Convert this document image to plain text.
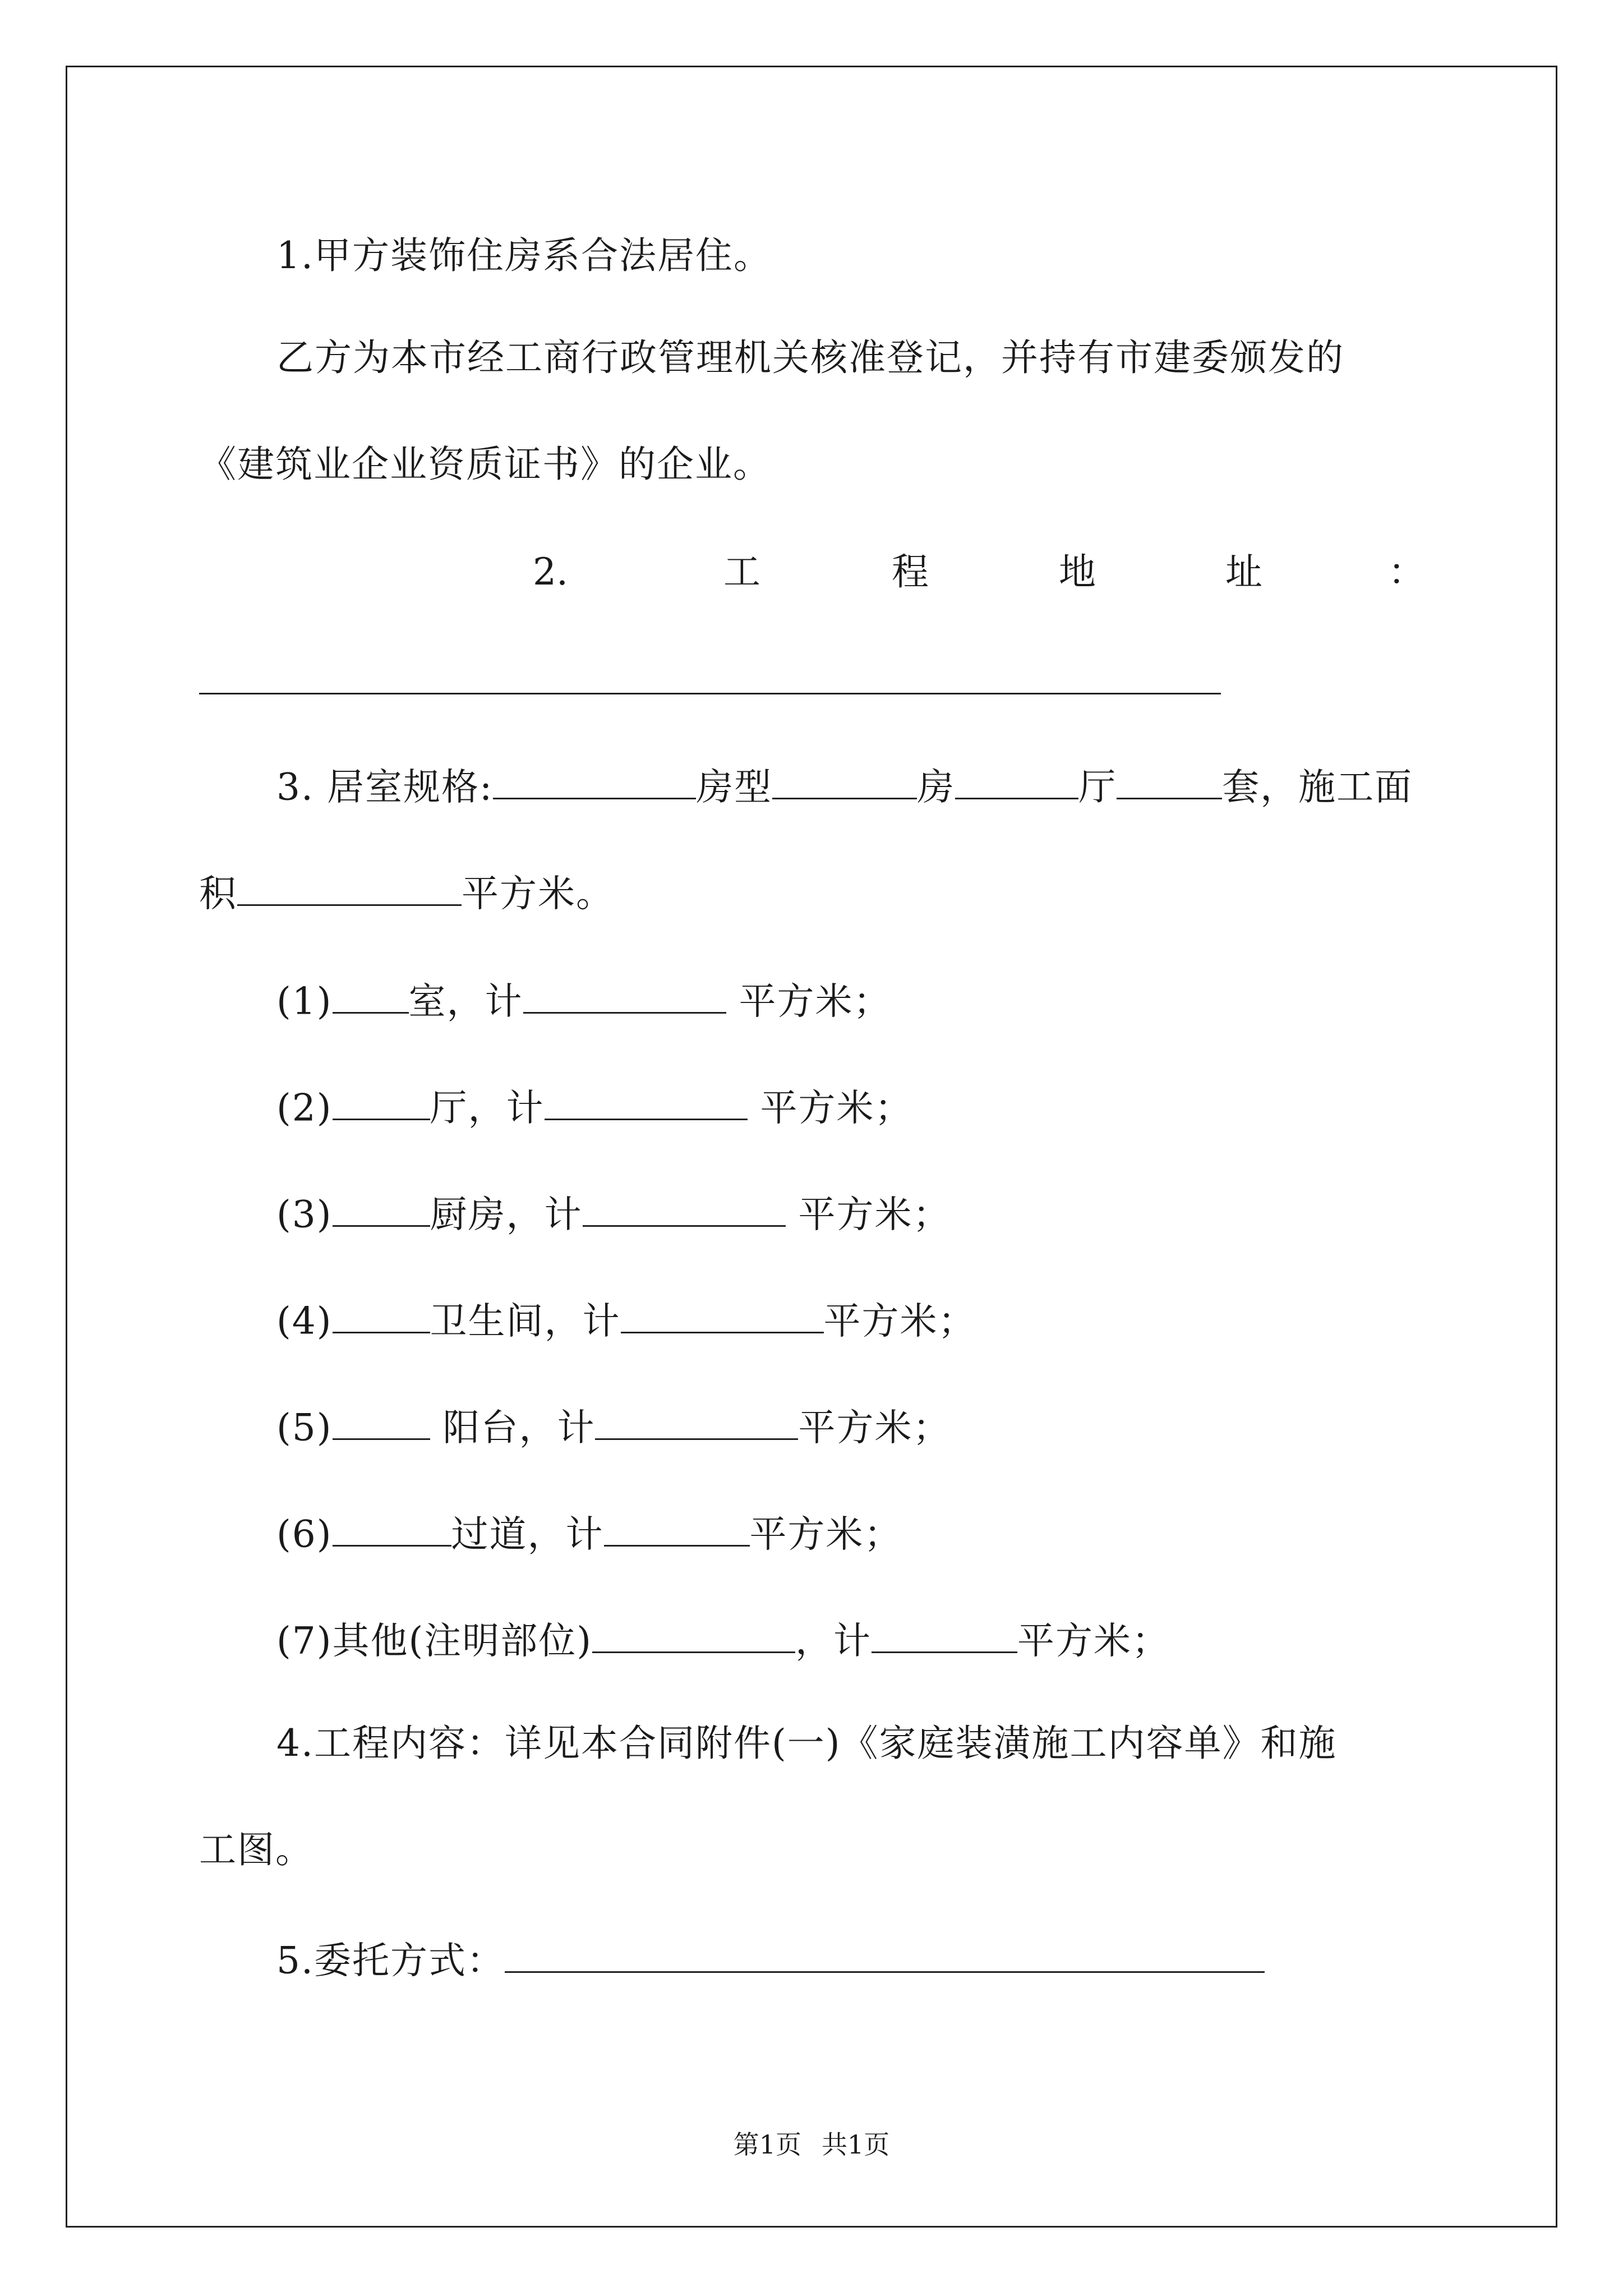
1.甲方装饰住房系合法居住。
乙方为本市经工商行政管理机关核准登记，并持有市建委颁发的
《建筑业企业资质证书》的企业。
2.	工	程	地	址	：
3. 居室规格:	房型	房	厅	套，施工面
积	平方米。
(1) 室，计	平方米；
(2)	厅，计	平方米；
(3)	厨房，计	平方米；
(4)	卫生间，计	平方米；
(5)	阳台，计	平方米；
(6)	过道，计	平方米；
(7)其他(注明部位)	，计	平方米；
4.工程内容：详见本合同附件(一)《家庭装潢施工内容单》和施
工图。
5.委托方式：
第1页 共1页
